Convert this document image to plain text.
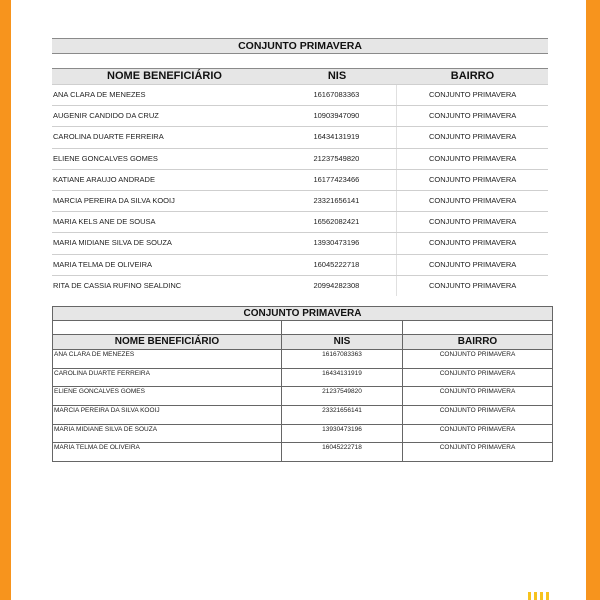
CONJUNTO PRIMAVERA
NOME BENEFICIÁRIO	NIS	BAIRRO
ANA CLARA DE MENEZES	16167083363	CONJUNTO PRIMAVERA
AUGENIR CANDIDO DA CRUZ	10903947090	CONJUNTO PRIMAVERA
CAROLINA DUARTE FERREIRA	16434131919	CONJUNTO PRIMAVERA
ELIENE GONCALVES GOMES	21237549820	CONJUNTO PRIMAVERA
KATIANE ARAUJO ANDRADE	16177423466	CONJUNTO PRIMAVERA
MARCIA PEREIRA DA SILVA KOOIJ	23321656141	CONJUNTO PRIMAVERA
MARIA KELS ANE DE SOUSA	16562082421	CONJUNTO PRIMAVERA
MARIA MIDIANE SILVA DE SOUZA	13930473196	CONJUNTO PRIMAVERA
MARIA TELMA DE OLIVEIRA	16045222718	CONJUNTO PRIMAVERA
RITA DE CASSIA RUFINO SEALDINC	20994282308	CONJUNTO PRIMAVERA
CONJUNTO PRIMAVERA
NOME BENEFICIÁRIO	NIS	BAIRRO
ANA CLARA DE MENEZES	16167083363	CONJUNTO PRIMAVERA
CAROLINA DUARTE FERREIRA	16434131919	CONJUNTO PRIMAVERA
ELIENE GONCALVES GOMES	21237549820	CONJUNTO PRIMAVERA
MARCIA PEREIRA DA SILVA KOOIJ	23321656141	CONJUNTO PRIMAVERA
MARIA MIDIANE SILVA DE SOUZA	13930473196	CONJUNTO PRIMAVERA
MARIA TELMA DE OLIVEIRA	16045222718	CONJUNTO PRIMAVERA
